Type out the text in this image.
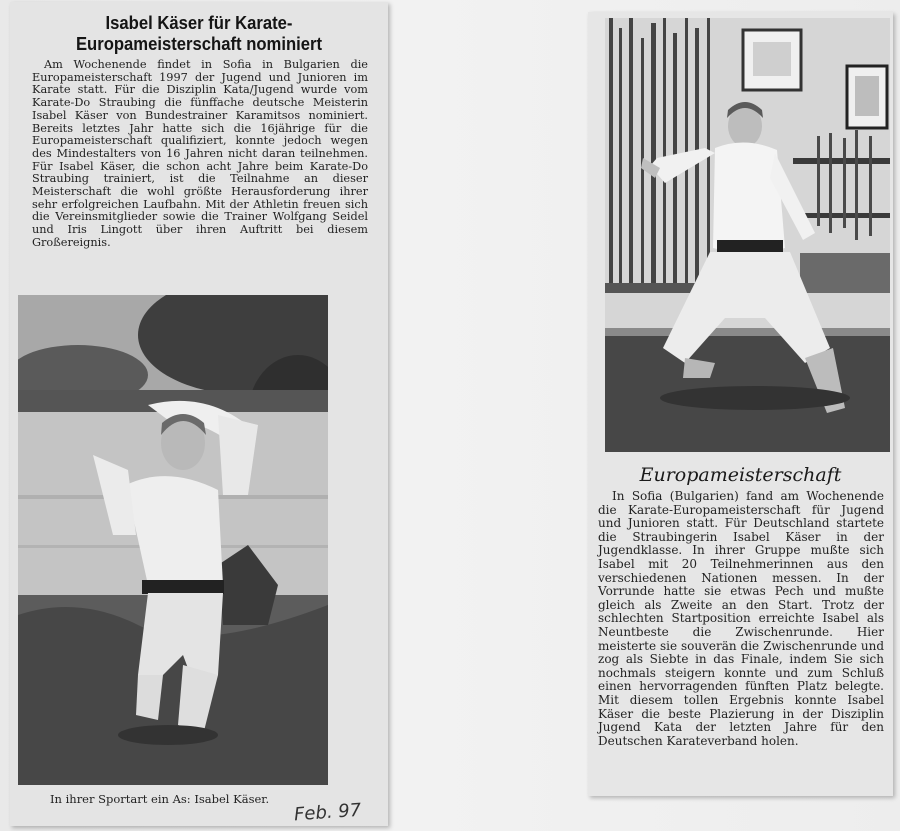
Isabel Käser für Karate-Europameisterschaft nominiert

Am Wochenende findet in Sofia in Bulgarien die Europameisterschaft 1997 der Jugend und Junioren im Karate statt. Für die Disziplin Kata/Jugend wurde vom Karate-Do Straubing die fünffache deutsche Meisterin Isabel Käser von Bundestrainer Karamitsos nominiert. Bereits letztes Jahr hatte sich die 16jährige für die Europameisterschaft qualifiziert, konnte jedoch wegen des Mindestalters von 16 Jahren nicht daran teilnehmen. Für Isabel Käser, die schon acht Jahre beim Karate-Do Straubing trainiert, ist die Teilnahme an dieser Meisterschaft die wohl größte Herausforderung ihrer sehr erfolgreichen Laufbahn. Mit der Athletin freuen sich die Vereinsmitglieder sowie die Trainer Wolfgang Seidel und Iris Lingott über ihren Auftritt bei diesem Großereignis.

In ihrer Sportart ein As: Isabel Käser.
Feb. 97
Europameisterschaft

In Sofia (Bulgarien) fand am Wochenende die Karate-Europameisterschaft für Jugend und Junioren statt. Für Deutschland startete die Straubingerin Isabel Käser in der Jugendklasse. In ihrer Gruppe mußte sich Isabel mit 20 Teilnehmerinnen aus den verschiedenen Nationen messen. In der Vorrunde hatte sie etwas Pech und mußte gleich als Zweite an den Start. Trotz der schlechten Startposition erreichte Isabel als Neuntbeste die Zwischenrunde. Hier meisterte sie souverän die Zwischenrunde und zog als Siebte in das Finale, indem Sie sich nochmals steigern konnte und zum Schluß einen hervorragenden fünften Platz belegte. Mit diesem tollen Ergebnis konnte Isabel Käser die beste Plazierung in der Disziplin Jugend Kata der letzten Jahre für den Deutschen Karateverband holen.
